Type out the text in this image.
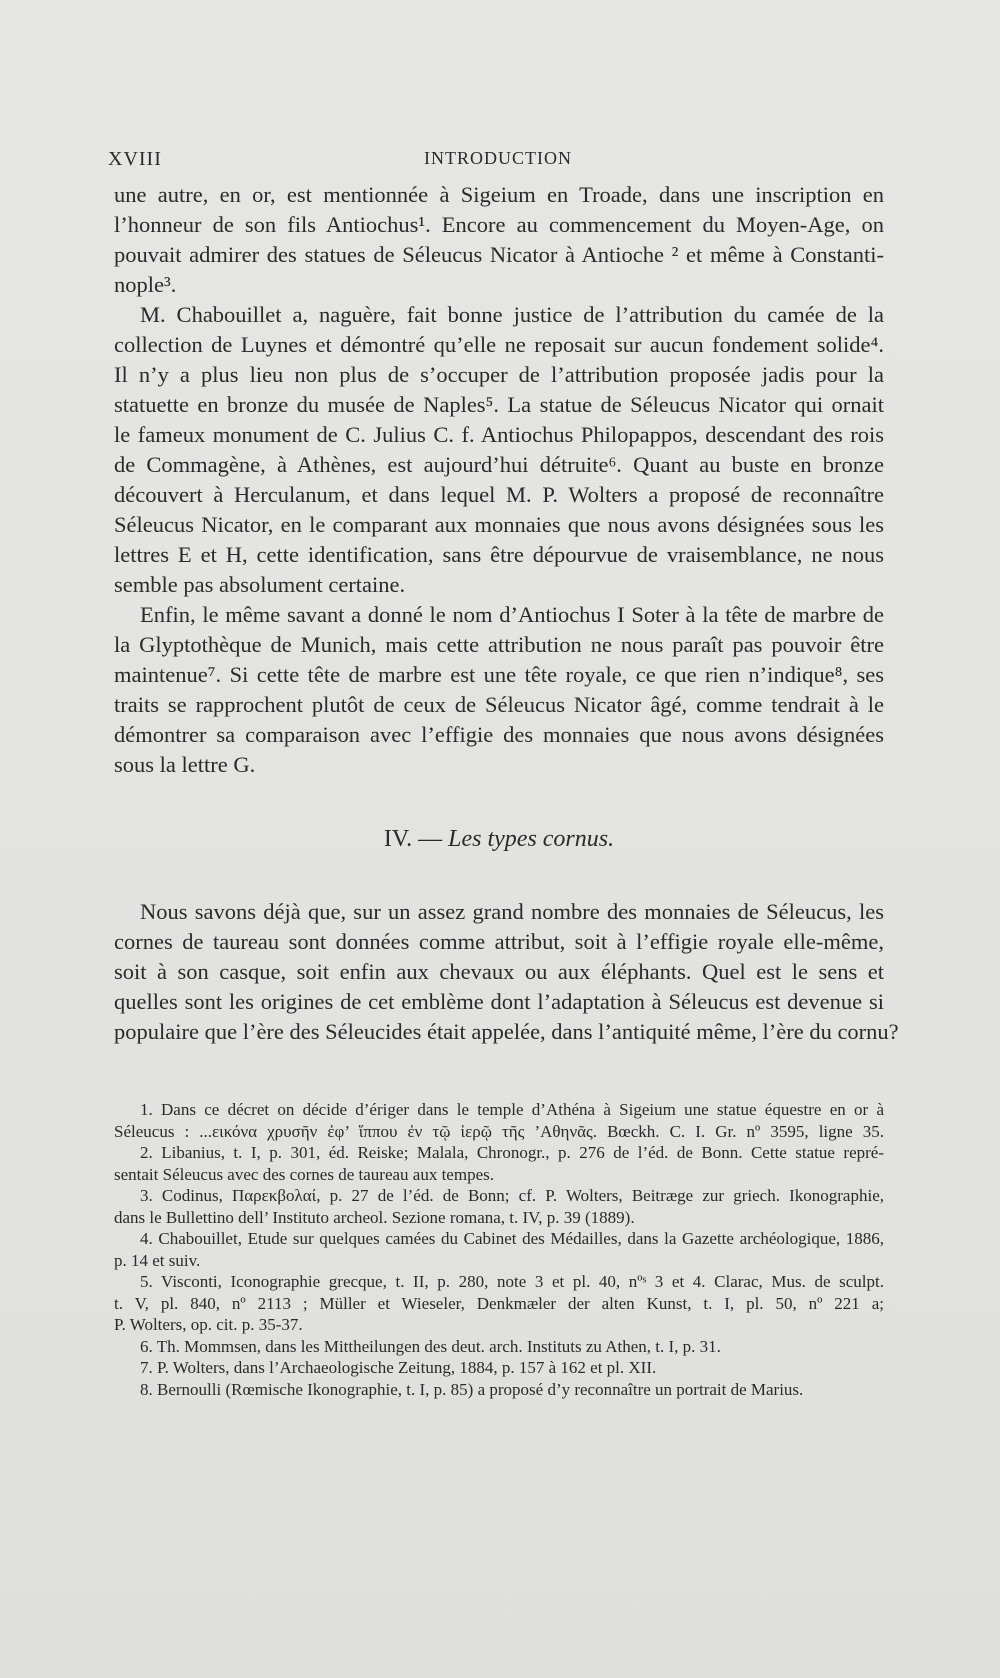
XVIII	INTRODUCTION
une autre, en or, est mentionnée à Sigeium en Troade, dans une inscription en
l’honneur de son fils Antiochus¹. Encore au commencement du Moyen-Age, on
pouvait admirer des statues de Séleucus Nicator à Antioche ² et même à Constanti-
nople³.
M. Chabouillet a, naguère, fait bonne justice de l’attribution du camée de la
collection de Luynes et démontré qu’elle ne reposait sur aucun fondement solide⁴.
Il n’y a plus lieu non plus de s’occuper de l’attribution proposée jadis pour la
statuette en bronze du musée de Naples⁵. La statue de Séleucus Nicator qui ornait
le fameux monument de C. Julius C. f. Antiochus Philopappos, descendant des rois
de Commagène, à Athènes, est aujourd’hui détruite⁶. Quant au buste en bronze
découvert à Herculanum, et dans lequel M. P. Wolters a proposé de reconnaître
Séleucus Nicator, en le comparant aux monnaies que nous avons désignées sous les
lettres E et H, cette identification, sans être dépourvue de vraisemblance, ne nous
semble pas absolument certaine.
Enfin, le même savant a donné le nom d’Antiochus I Soter à la tête de marbre de
la Glyptothèque de Munich, mais cette attribution ne nous paraît pas pouvoir être
maintenue⁷. Si cette tête de marbre est une tête royale, ce que rien n’indique⁸, ses
traits se rapprochent plutôt de ceux de Séleucus Nicator âgé, comme tendrait à le
démontrer sa comparaison avec l’effigie des monnaies que nous avons désignées
sous la lettre G.
IV. — Les types cornus.
Nous savons déjà que, sur un assez grand nombre des monnaies de Séleucus, les
cornes de taureau sont données comme attribut, soit à l’effigie royale elle-même,
soit à son casque, soit enfin aux chevaux ou aux éléphants. Quel est le sens et
quelles sont les origines de cet emblème dont l’adaptation à Séleucus est devenue si
populaire que l’ère des Séleucides était appelée, dans l’antiquité même, l’ère du cornu?
1. Dans ce décret on décide d’ériger dans le temple d’Athéna à Sigeium une statue équestre en or à
Séleucus : ...εικόνα χρυσῆν ἐφ’ ἵππου ἐν τῷ ἱερῷ τῆς ’Αθηνᾶς. Bœckh. C. I. Gr. nº 3595, ligne 35.
2. Libanius, t. I, p. 301, éd. Reiske; Malala, Chronogr., p. 276 de l’éd. de Bonn. Cette statue repré-
sentait Séleucus avec des cornes de taureau aux tempes.
3. Codinus, Παρεκβολαί, p. 27 de l’éd. de Bonn; cf. P. Wolters, Beitræge zur griech. Ikonographie,
dans le Bullettino dell’ Instituto archeol. Sezione romana, t. IV, p. 39 (1889).
4. Chabouillet, Etude sur quelques camées du Cabinet des Médailles, dans la Gazette archéologique, 1886,
p. 14 et suiv.
5. Visconti, Iconographie grecque, t. II, p. 280, note 3 et pl. 40, nºˢ 3 et 4. Clarac, Mus. de sculpt.
t. V, pl. 840, nº 2113 ; Müller et Wieseler, Denkmæler der alten Kunst, t. I, pl. 50, nº 221 a;
P. Wolters, op. cit. p. 35-37.
6. Th. Mommsen, dans les Mittheilungen des deut. arch. Instituts zu Athen, t. I, p. 31.
7. P. Wolters, dans l’Archaeologische Zeitung, 1884, p. 157 à 162 et pl. XII.
8. Bernoulli (Rœmische Ikonographie, t. I, p. 85) a proposé d’y reconnaître un portrait de Marius.
